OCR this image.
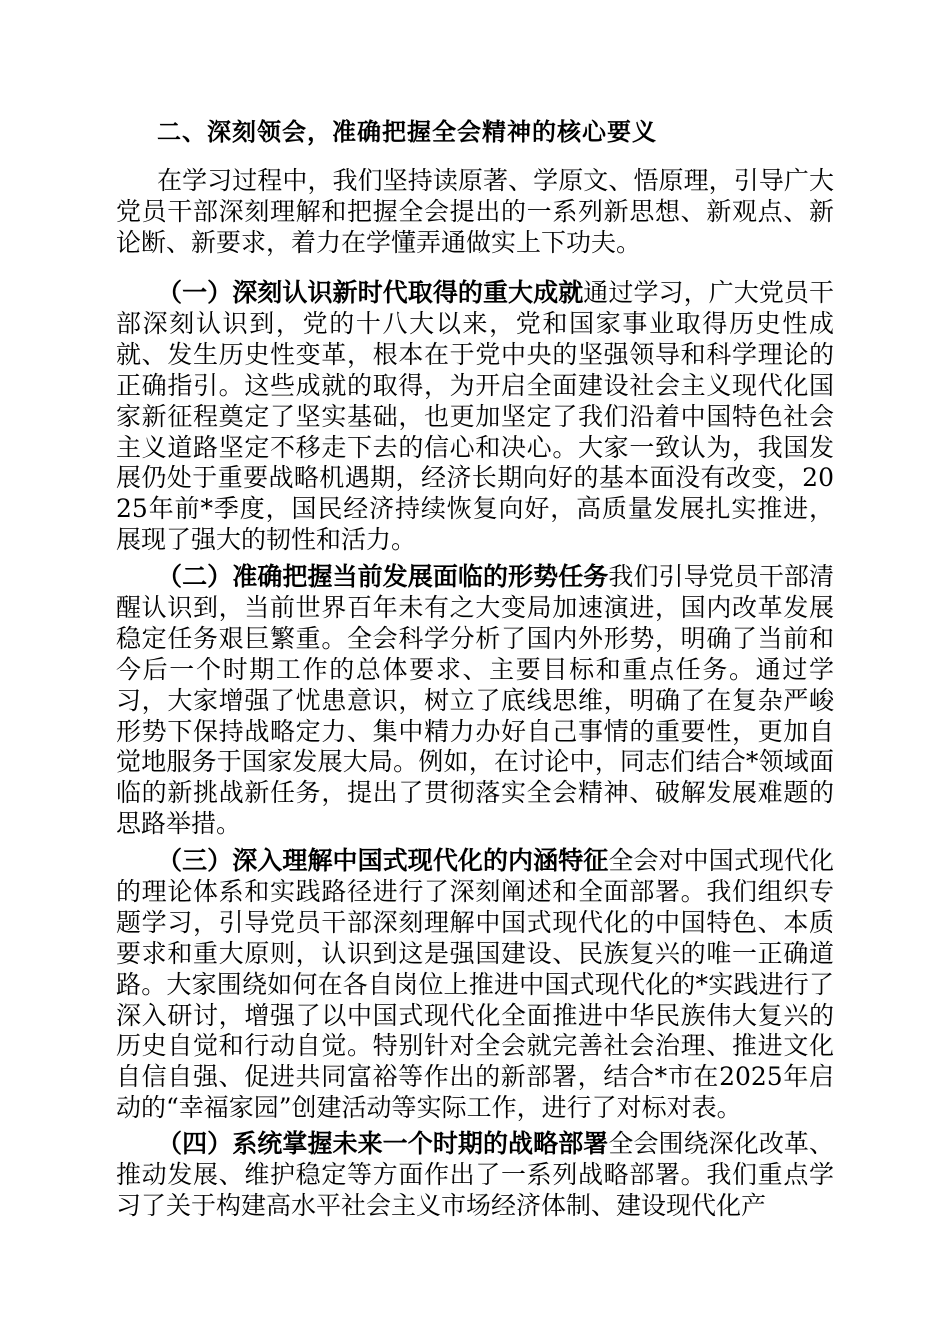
二、深刻领会，准确把握全会精神的核心要义

在学习过程中，我们坚持读原著、学原文、悟原理，引导广大党员干部深刻理解和把握全会提出的一系列新思想、新观点、新论断、新要求，着力在学懂弄通做实上下功夫。

（一）深刻认识新时代取得的重大成就通过学习，广大党员干部深刻认识到，党的十八大以来，党和国家事业取得历史性成就、发生历史性变革，根本在于党中央的坚强领导和科学理论的正确指引。这些成就的取得，为开启全面建设社会主义现代化国家新征程奠定了坚实基础，也更加坚定了我们沿着中国特色社会主义道路坚定不移走下去的信心和决心。大家一致认为，我国发展仍处于重要战略机遇期，经济长期向好的基本面没有改变，2025年前*季度，国民经济持续恢复向好，高质量发展扎实推进，展现了强大的韧性和活力。

（二）准确把握当前发展面临的形势任务我们引导党员干部清醒认识到，当前世界百年未有之大变局加速演进，国内改革发展稳定任务艰巨繁重。全会科学分析了国内外形势，明确了当前和今后一个时期工作的总体要求、主要目标和重点任务。通过学习，大家增强了忧患意识，树立了底线思维，明确了在复杂严峻形势下保持战略定力、集中精力办好自己事情的重要性，更加自觉地服务于国家发展大局。例如，在讨论中，同志们结合*领域面临的新挑战新任务，提出了贯彻落实全会精神、破解发展难题的思路举措。

（三）深入理解中国式现代化的内涵特征全会对中国式现代化的理论体系和实践路径进行了深刻阐述和全面部署。我们组织专题学习，引导党员干部深刻理解中国式现代化的中国特色、本质要求和重大原则，认识到这是强国建设、民族复兴的唯一正确道路。大家围绕如何在各自岗位上推进中国式现代化的*实践进行了深入研讨，增强了以中国式现代化全面推进中华民族伟大复兴的历史自觉和行动自觉。特别针对全会就完善社会治理、推进文化自信自强、促进共同富裕等作出的新部署，结合*市在2025年启动的“幸福家园”创建活动等实际工作，进行了对标对表。

（四）系统掌握未来一个时期的战略部署全会围绕深化改革、推动发展、维护稳定等方面作出了一系列战略部署。我们重点学习了关于构建高水平社会主义市场经济体制、建设现代化产
